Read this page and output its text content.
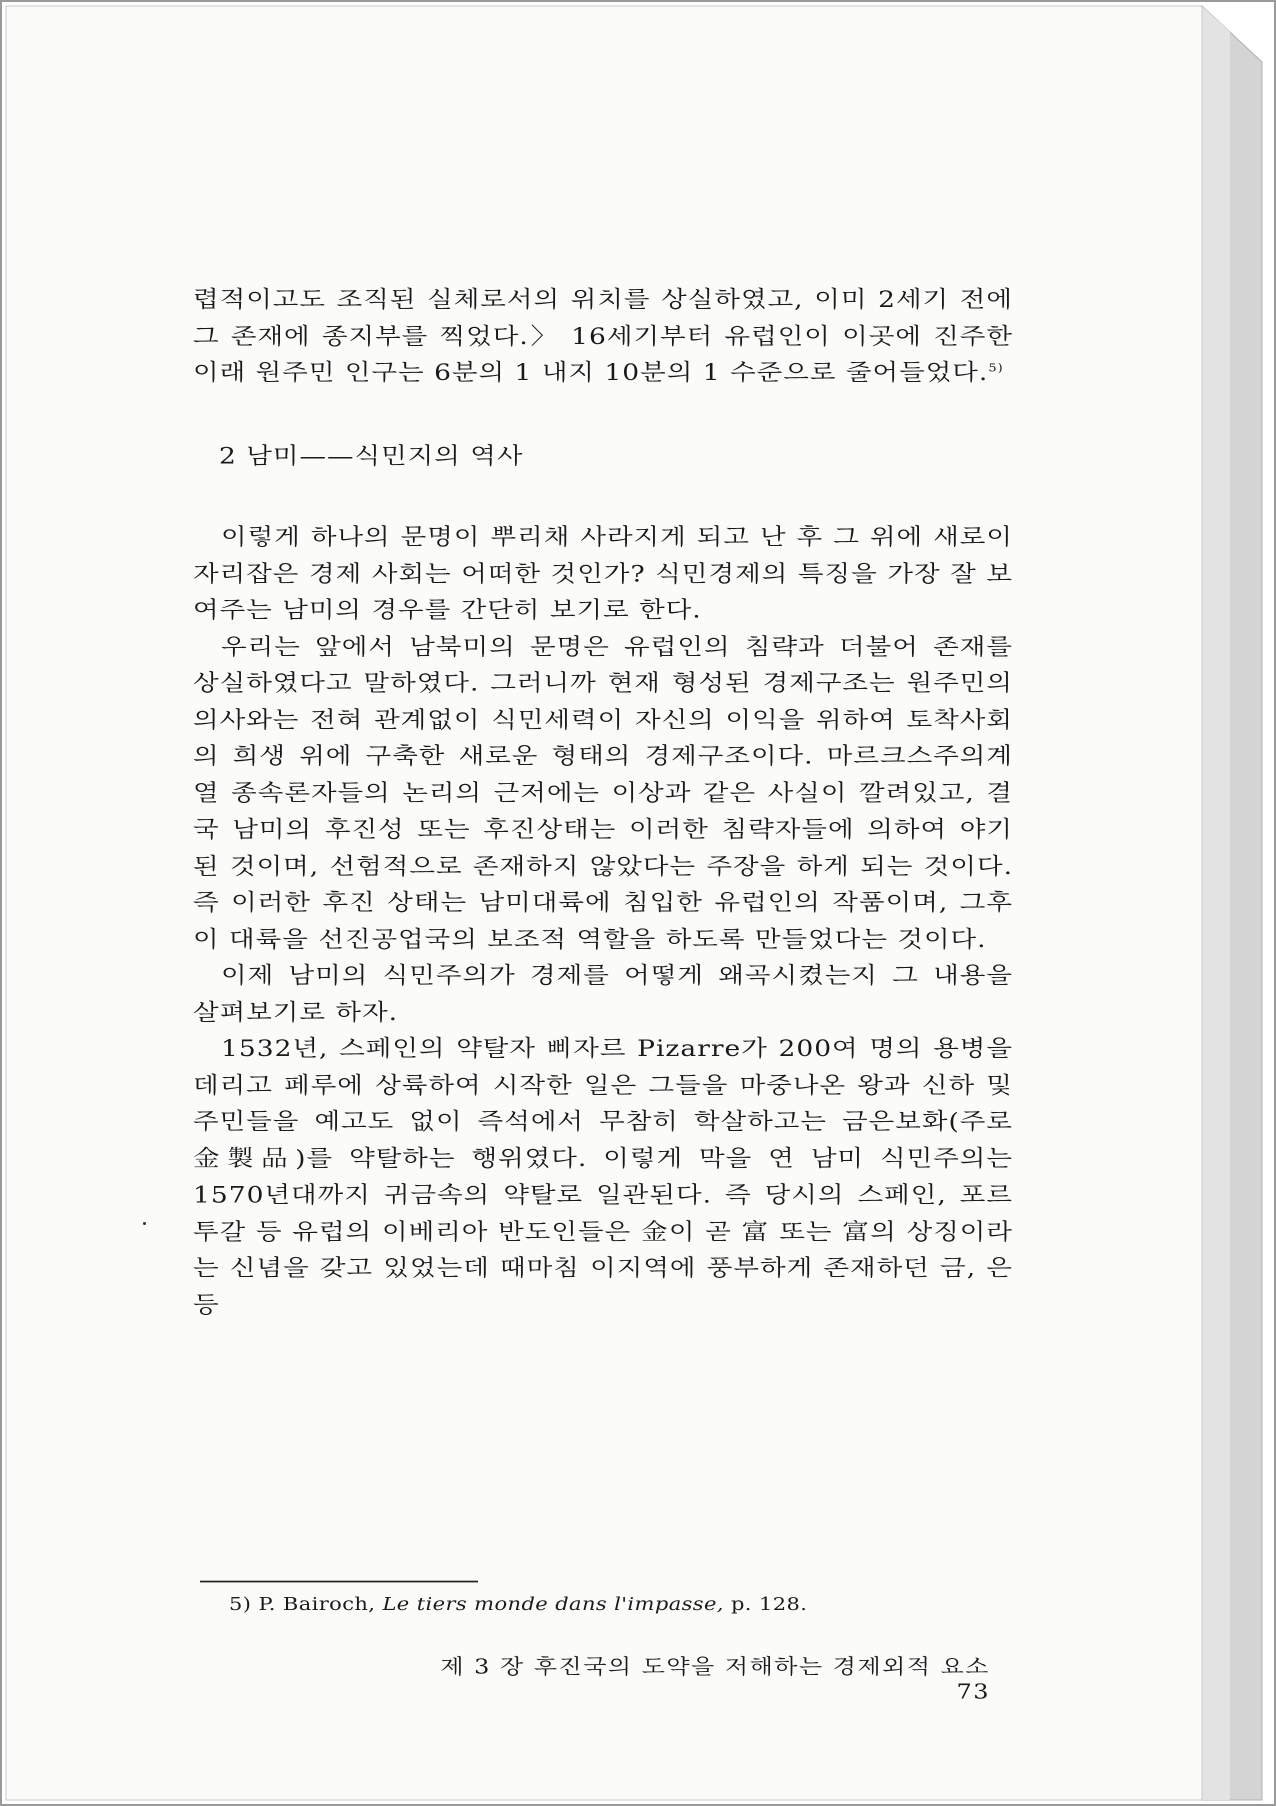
렵적이고도 조직된 실체로서의 위치를 상실하였고, 이미 2세기 전에 그 존재에 종지부를 찍었다.〉 16세기부터 유럽인이 이곳에 진주한 이래 원주민 인구는 6분의 1 내지 10분의 1 수준으로 줄어들었다.$^{5)}$

2 남미——식민지의 역사

이렇게 하나의 문명이 뿌리채 사라지게 되고 난 후 그 위에 새로이 자리잡은 경제 사회는 어떠한 것인가? 식민경제의 특징을 가장 잘 보여주는 남미의 경우를 간단히 보기로 한다.

우리는 앞에서 남북미의 문명은 유럽인의 침략과 더불어 존재를 상실하였다고 말하였다. 그러니까 현재 형성된 경제구조는 원주민의 의사와는 전혀 관계없이 식민세력이 자신의 이익을 위하여 토착사회의 희생 위에 구축한 새로운 형태의 경제구조이다. 마르크스주의계열 종속론자들의 논리의 근저에는 이상과 같은 사실이 깔려있고, 결국 남미의 후진성 또는 후진상태는 이러한 침략자들에 의하여 야기된 것이며, 선험적으로 존재하지 않았다는 주장을 하게 되는 것이다. 즉 이러한 후진 상태는 남미대륙에 침입한 유럽인의 작품이며, 그후 이 대륙을 선진공업국의 보조적 역할을 하도록 만들었다는 것이다.

이제 남미의 식민주의가 경제를 어떻게 왜곡시켰는지 그 내용을 살펴보기로 하자.

1532년, 스페인의 약탈자 삐자르 Pizarre가 200여 명의 용병을 데리고 페루에 상륙하여 시작한 일은 그들을 마중나온 왕과 신하 및 주민들을 예고도 없이 즉석에서 무참히 학살하고는 금은보화(주로 金製品)를 약탈하는 행위였다. 이렇게 막을 연 남미 식민주의는 1570년대까지 귀금속의 약탈로 일관된다. 즉 당시의 스페인, 포르투갈 등 유럽의 이베리아 반도인들은 金이 곧 富 또는 富의 상징이라는 신념을 갖고 있었는데 때마침 이지역에 풍부하게 존재하던 금, 은 등

5) P. Bairoch, Le tiers monde dans l'impasse, p. 128.
제 3 장 후진국의 도약을 저해하는 경제외적 요소73
